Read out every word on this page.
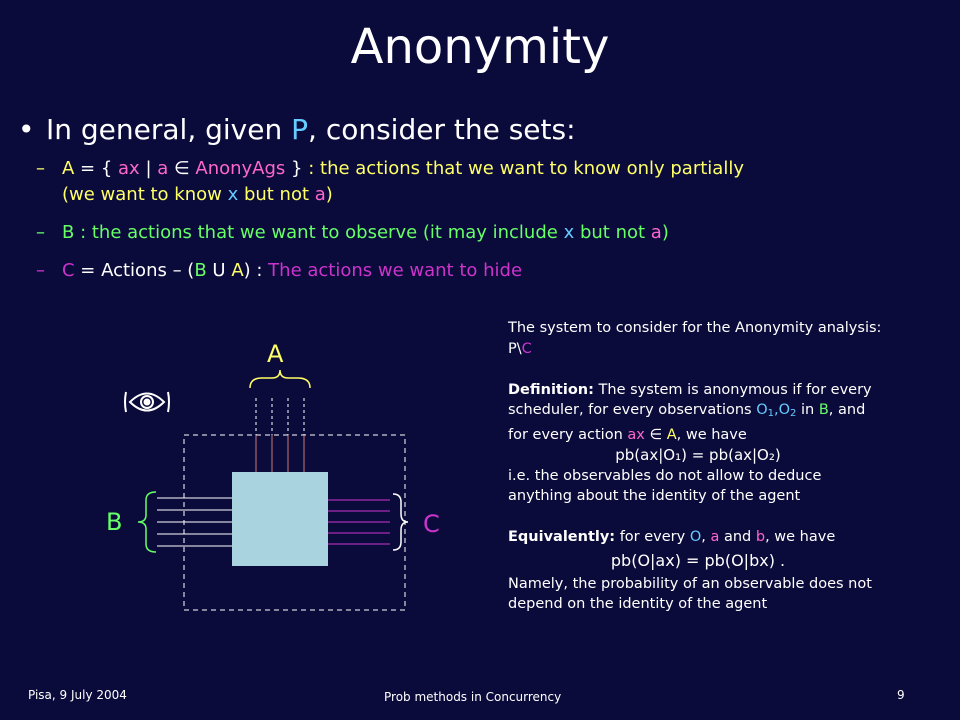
Anonymity
• In general, given P, consider the sets:
– A = { ax | a ∈ AnonyAgs } : the actions that we want to know only partially
(we want to know x but not a)
– B : the actions that we want to observe (it may include x but not a)
– C = Actions – (B U A) : The actions we want to hide
A
B	C
The system to consider for the Anonymity analysis: P\C

Definition: The system is anonymous if for every scheduler, for every observations O1,O2 in B, and for every action ax ∈ A, we have
pb(ax|O₁) = pb(ax|O₂)
i.e. the observables do not allow to deduce anything about the identity of the agent

Equivalently: for every O, a and b, we have
pb(O|ax) = pb(O|bx) .
Namely, the probability of an observable does not depend on the identity of the agent
Pisa, 9 July 2004	Prob methods in Concurrency	9
